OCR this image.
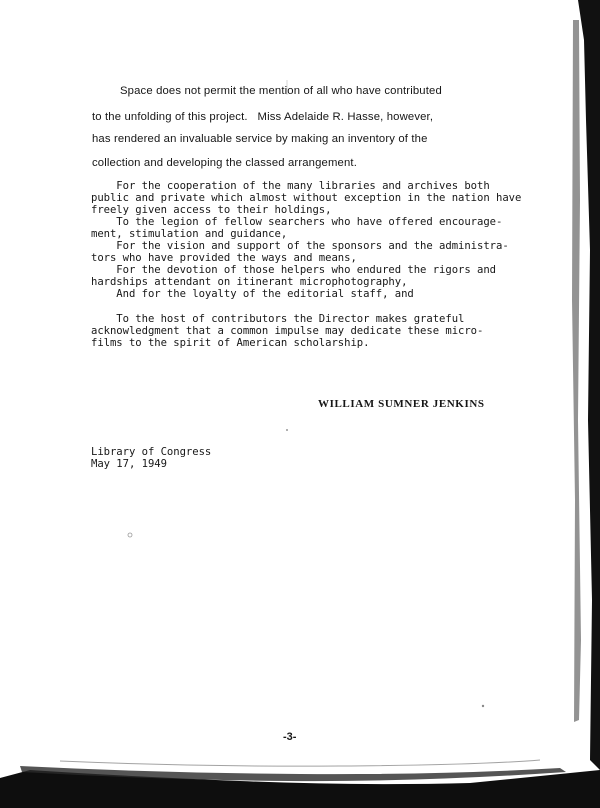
Space does not permit the mention of all who have contributed
to the unfolding of this project.   Miss Adelaide R. Hasse, however,
has rendered an invaluable service by making an inventory of the
collection and developing the classed arrangement.
For the cooperation of the many libraries and archives both
public and private which almost without exception in the nation have
freely given access to their holdings,
To the legion of fellow searchers who have offered encourage-
ment, stimulation and guidance,
For the vision and support of the sponsors and the administra-
tors who have provided the ways and means,
For the devotion of those helpers who endured the rigors and
hardships attendant on itinerant microphotography,
And for the loyalty of the editorial staff, and
To the host of contributors the Director makes grateful
acknowledgment that a common impulse may dedicate these micro-
films to the spirit of American scholarship.
WILLIAM SUMNER JENKINS
Library of Congress
May 17, 1949
-3-
